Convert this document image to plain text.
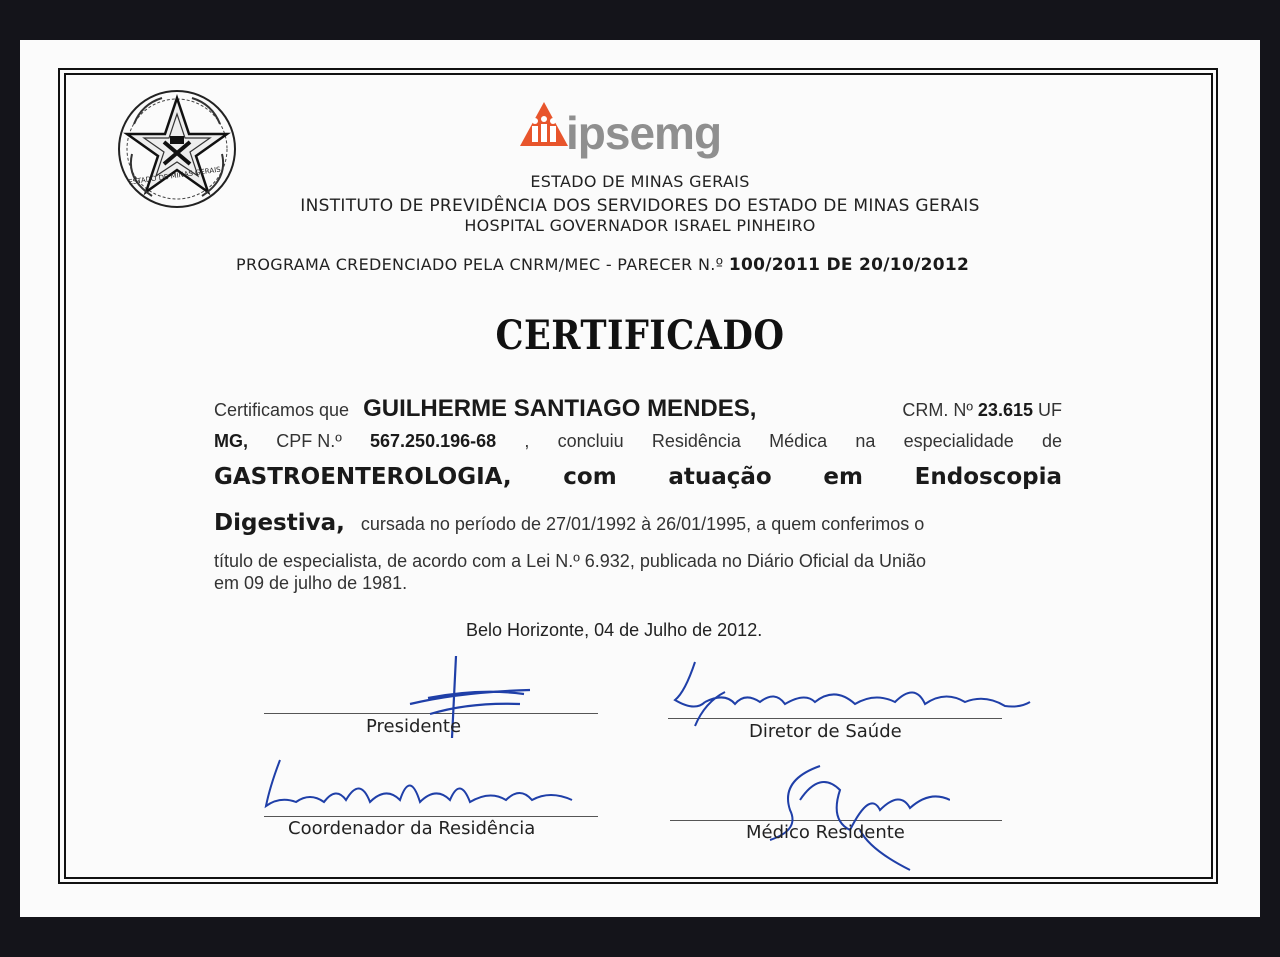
ESTADO DE MINAS GERAIS
ipsemg
ESTADO DE MINAS GERAIS
INSTITUTO DE PREVIDÊNCIA DOS SERVIDORES DO ESTADO DE MINAS GERAIS
HOSPITAL GOVERNADOR ISRAEL PINHEIRO
PROGRAMA CREDENCIADO PELA CNRM/MEC - PARECER N.º 100/2011 DE 20/10/2012
CERTIFICADO
Certificamos que GUILHERME SANTIAGO MENDES,	CRM. Nº 23.615 UF
MG, CPF N.º 567.250.196-68 , concluiu Residência Médica na especialidade de
GASTROENTEROLOGIA, com atuação em Endoscopia
Digestiva, cursada no período de 27/01/1992 à 26/01/1995, a quem conferimos o
título de especialista, de acordo com a Lei N.º 6.932, publicada no Diário Oficial da União
em 09 de julho de 1981.
Belo Horizonte, 04 de Julho de 2012.
Presidente	Diretor de Saúde
Coordenador da Residência	Médico Residente
